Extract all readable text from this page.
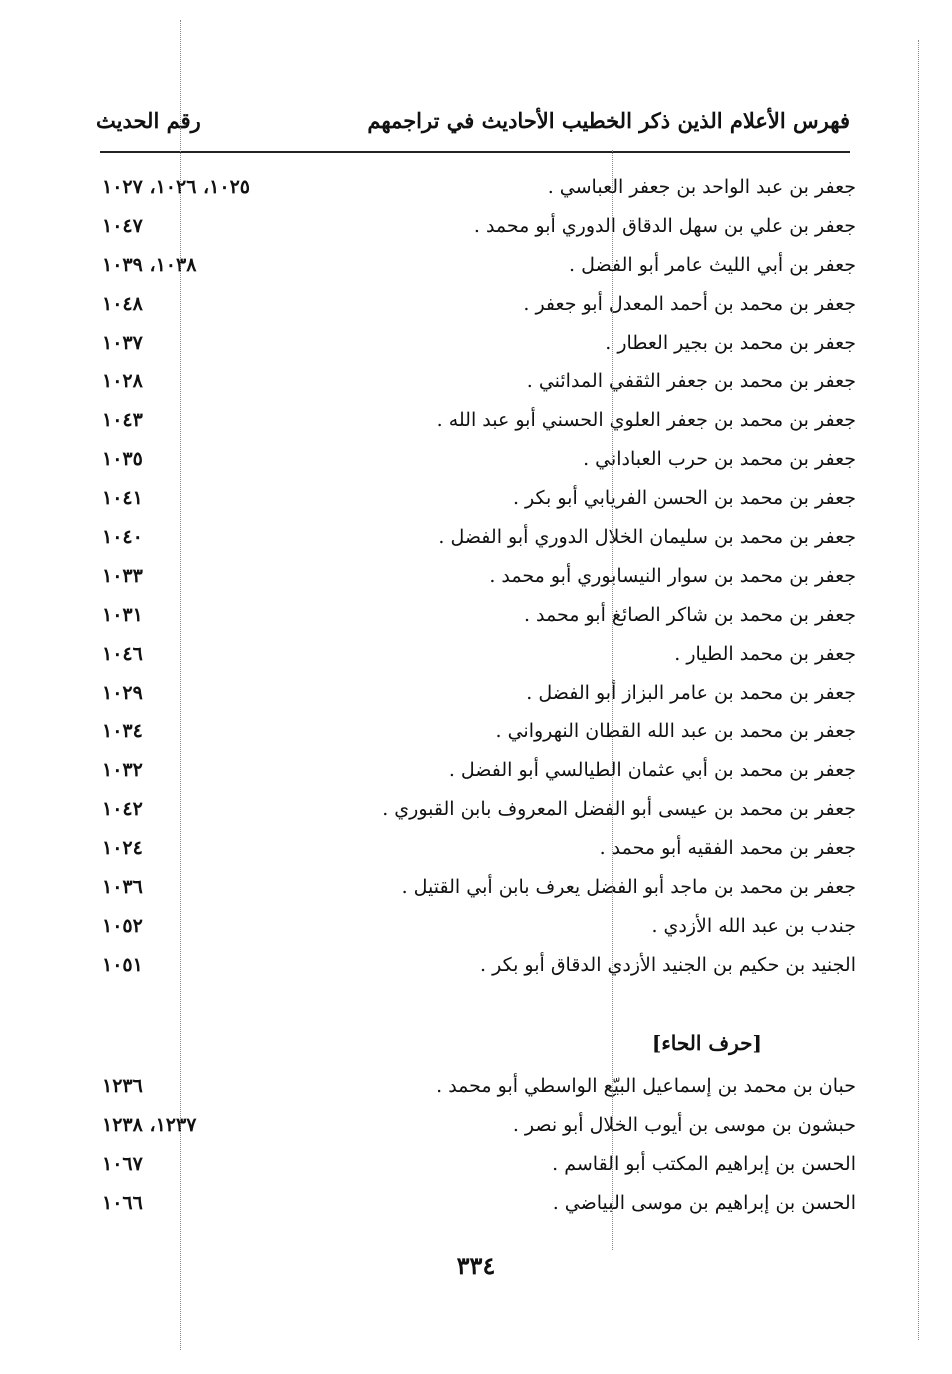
فهرس الأعلام الذين ذكر الخطيب الأحاديث في تراجمهم
رقم الحديث
جعفر بن عبد الواحد بن جعفر العباسي .
١٠٢٥، ١٠٢٦، ١٠٢٧
جعفر بن علي بن سهل الدقاق الدوري أبو محمد .
١٠٤٧
جعفر بن أبي الليث عامر أبو الفضل .
١٠٣٨، ١٠٣٩
جعفر بن محمد بن أحمد المعدل أبو جعفر .
١٠٤٨
جعفر بن محمد بن بجير العطار .
١٠٣٧
جعفر بن محمد بن جعفر الثقفي المدائني .
١٠٢٨
جعفر بن محمد بن جعفر العلوي الحسني أبو عبد الله .
١٠٤٣
جعفر بن محمد بن حرب العباداني .
١٠٣٥
جعفر بن محمد بن الحسن الفريابي أبو بكر .
١٠٤١
جعفر بن محمد بن سليمان الخلال الدوري أبو الفضل .
١٠٤٠
جعفر بن محمد بن سوار النيسابوري أبو محمد .
١٠٣٣
جعفر بن محمد بن شاكر الصائغ أبو محمد .
١٠٣١
جعفر بن محمد الطيار .
١٠٤٦
جعفر بن محمد بن عامر البزاز أبو الفضل .
١٠٢٩
جعفر بن محمد بن عبد الله القطان النهرواني .
١٠٣٤
جعفر بن محمد بن أبي عثمان الطيالسي أبو الفضل .
١٠٣٢
جعفر بن محمد بن عيسى أبو الفضل المعروف بابن القبوري .
١٠٤٢
جعفر بن محمد الفقيه أبو محمد .
١٠٢٤
جعفر بن محمد بن ماجد أبو الفضل يعرف بابن أبي القتيل .
١٠٣٦
جندب بن عبد الله الأزدي .
١٠٥٢
الجنيد بن حكيم بن الجنيد الأزدي الدقاق أبو بكر .
١٠٥١
[حرف الحاء]
حبان بن محمد بن إسماعيل البيّع الواسطي أبو محمد .
١٢٣٦
حبشون بن موسى بن أيوب الخلال أبو نصر .
١٢٣٧، ١٢٣٨
الحسن بن إبراهيم المكتب أبو القاسم .
١٠٦٧
الحسن بن إبراهيم بن موسى البياضي .
١٠٦٦
٣٣٤
